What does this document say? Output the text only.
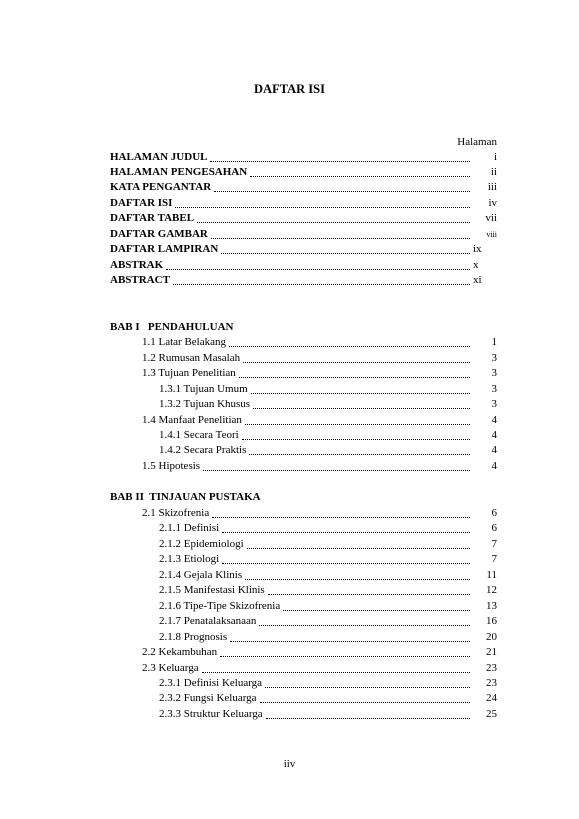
DAFTAR ISI
Halaman
HALAMAN JUDUL	i
HALAMAN PENGESAHAN	ii
KATA PENGANTAR	iii
DAFTAR ISI	iv
DAFTAR TABEL	vii
DAFTAR GAMBAR	viii
DAFTAR LAMPIRAN	ix
ABSTRAK	x
ABSTRACT	xi
BAB I   PENDAHULUAN
1.1 Latar Belakang	1
1.2 Rumusan Masalah	3
1.3 Tujuan Penelitian	3
1.3.1 Tujuan Umum	3
1.3.2 Tujuan Khusus	3
1.4 Manfaat Penelitian	4
1.4.1 Secara Teori	4
1.4.2 Secara Praktis	4
1.5 Hipotesis	4
BAB II  TINJAUAN PUSTAKA
2.1 Skizofrenia	6
2.1.1 Definisi	6
2.1.2 Epidemiologi	7
2.1.3 Etiologi	7
2.1.4 Gejala Klinis	11
2.1.5 Manifestasi Klinis	12
2.1.6 Tipe-Tipe Skizofrenia	13
2.1.7 Penatalaksanaan	16
2.1.8 Prognosis	20
2.2 Kekambuhan	21
2.3 Keluarga	23
2.3.1 Definisi Keluarga	23
2.3.2 Fungsi Keluarga	24
2.3.3 Struktur Keluarga	25
iiv
